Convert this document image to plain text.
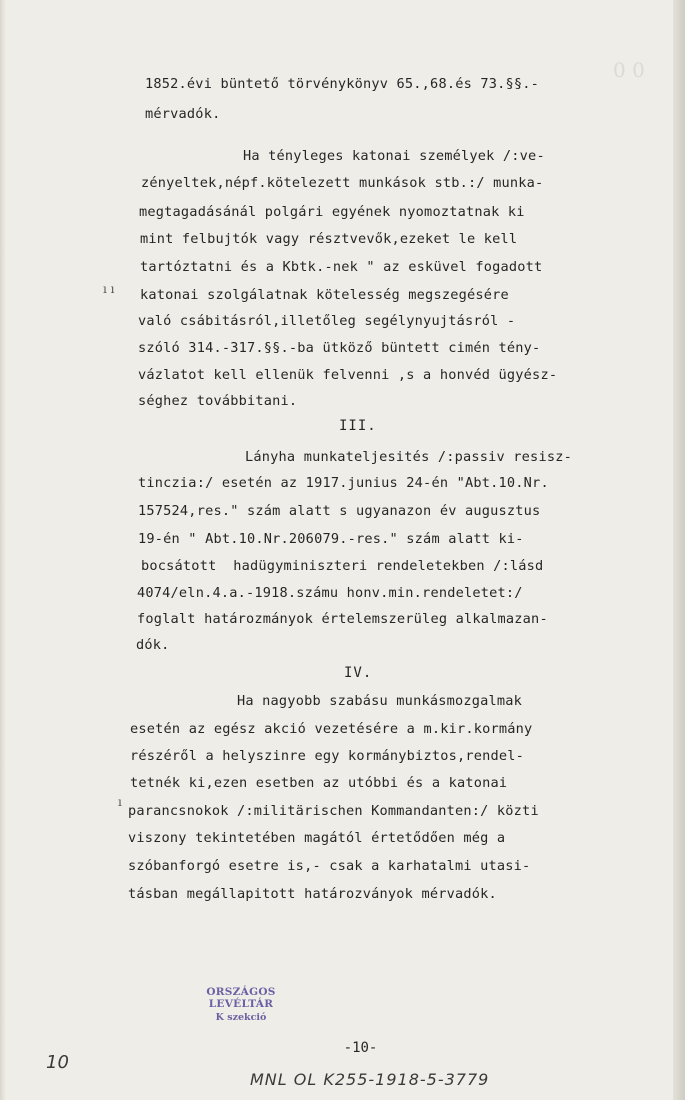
0 0
1852.évi büntető törvénykönyv 65.,68.és 73.§§.-
mérvadók.
Ha tényleges katonai személyek /:ve-
zényeltek,népf.kötelezett munkások stb.:/ munka-
megtagadásánál polgári egyének nyomoztatnak ki
mint felbujtók vagy résztvevők,ezeket le kell
tartóztatni és a Kbtk.-nek " az esküvel fogadott
katonai szolgálatnak kötelesség megszegésére
való csábitásról,illetőleg segélynyujtásról -
szóló 314.-317.§§.-ba ütköző büntett cimén tény-
vázlatot kell ellenük felvenni ,s a honvéd ügyész-
séghez továbbitani.
III.
Lányha munkateljesités /:passiv resisz-
tinczia:/ esetén az 1917.junius 24-én "Abt.10.Nr.
157524,res." szám alatt s ugyanazon év augusztus
19-én " Abt.10.Nr.206079.-res." szám alatt ki-
bocsátott  hadügyminiszteri rendeletekben /:lásd
4074/eln.4.a.-1918.számu honv.min.rendeletet:/
foglalt határozmányok értelemszerüleg alkalmazan-
dók.
IV.
Ha nagyobb szabásu munkásmozgalmak
esetén az egész akció vezetésére a m.kir.kormány
részéről a helyszinre egy kormánybiztos,rendel-
tetnék ki,ezen esetben az utóbbi és a katonai
parancsnokok /:militärischen Kommandanten:/ közti
viszony tekintetében magától értetődően még a
szóbanforgó esetre is,- csak a karhatalmi utasi-
tásban megállapitott határozványok mérvadók.
ı ı
ı
ORSZÁGOS LEVÉLTÁR
K szekció
-10-
10
MNL OL K255-1918-5-3779
